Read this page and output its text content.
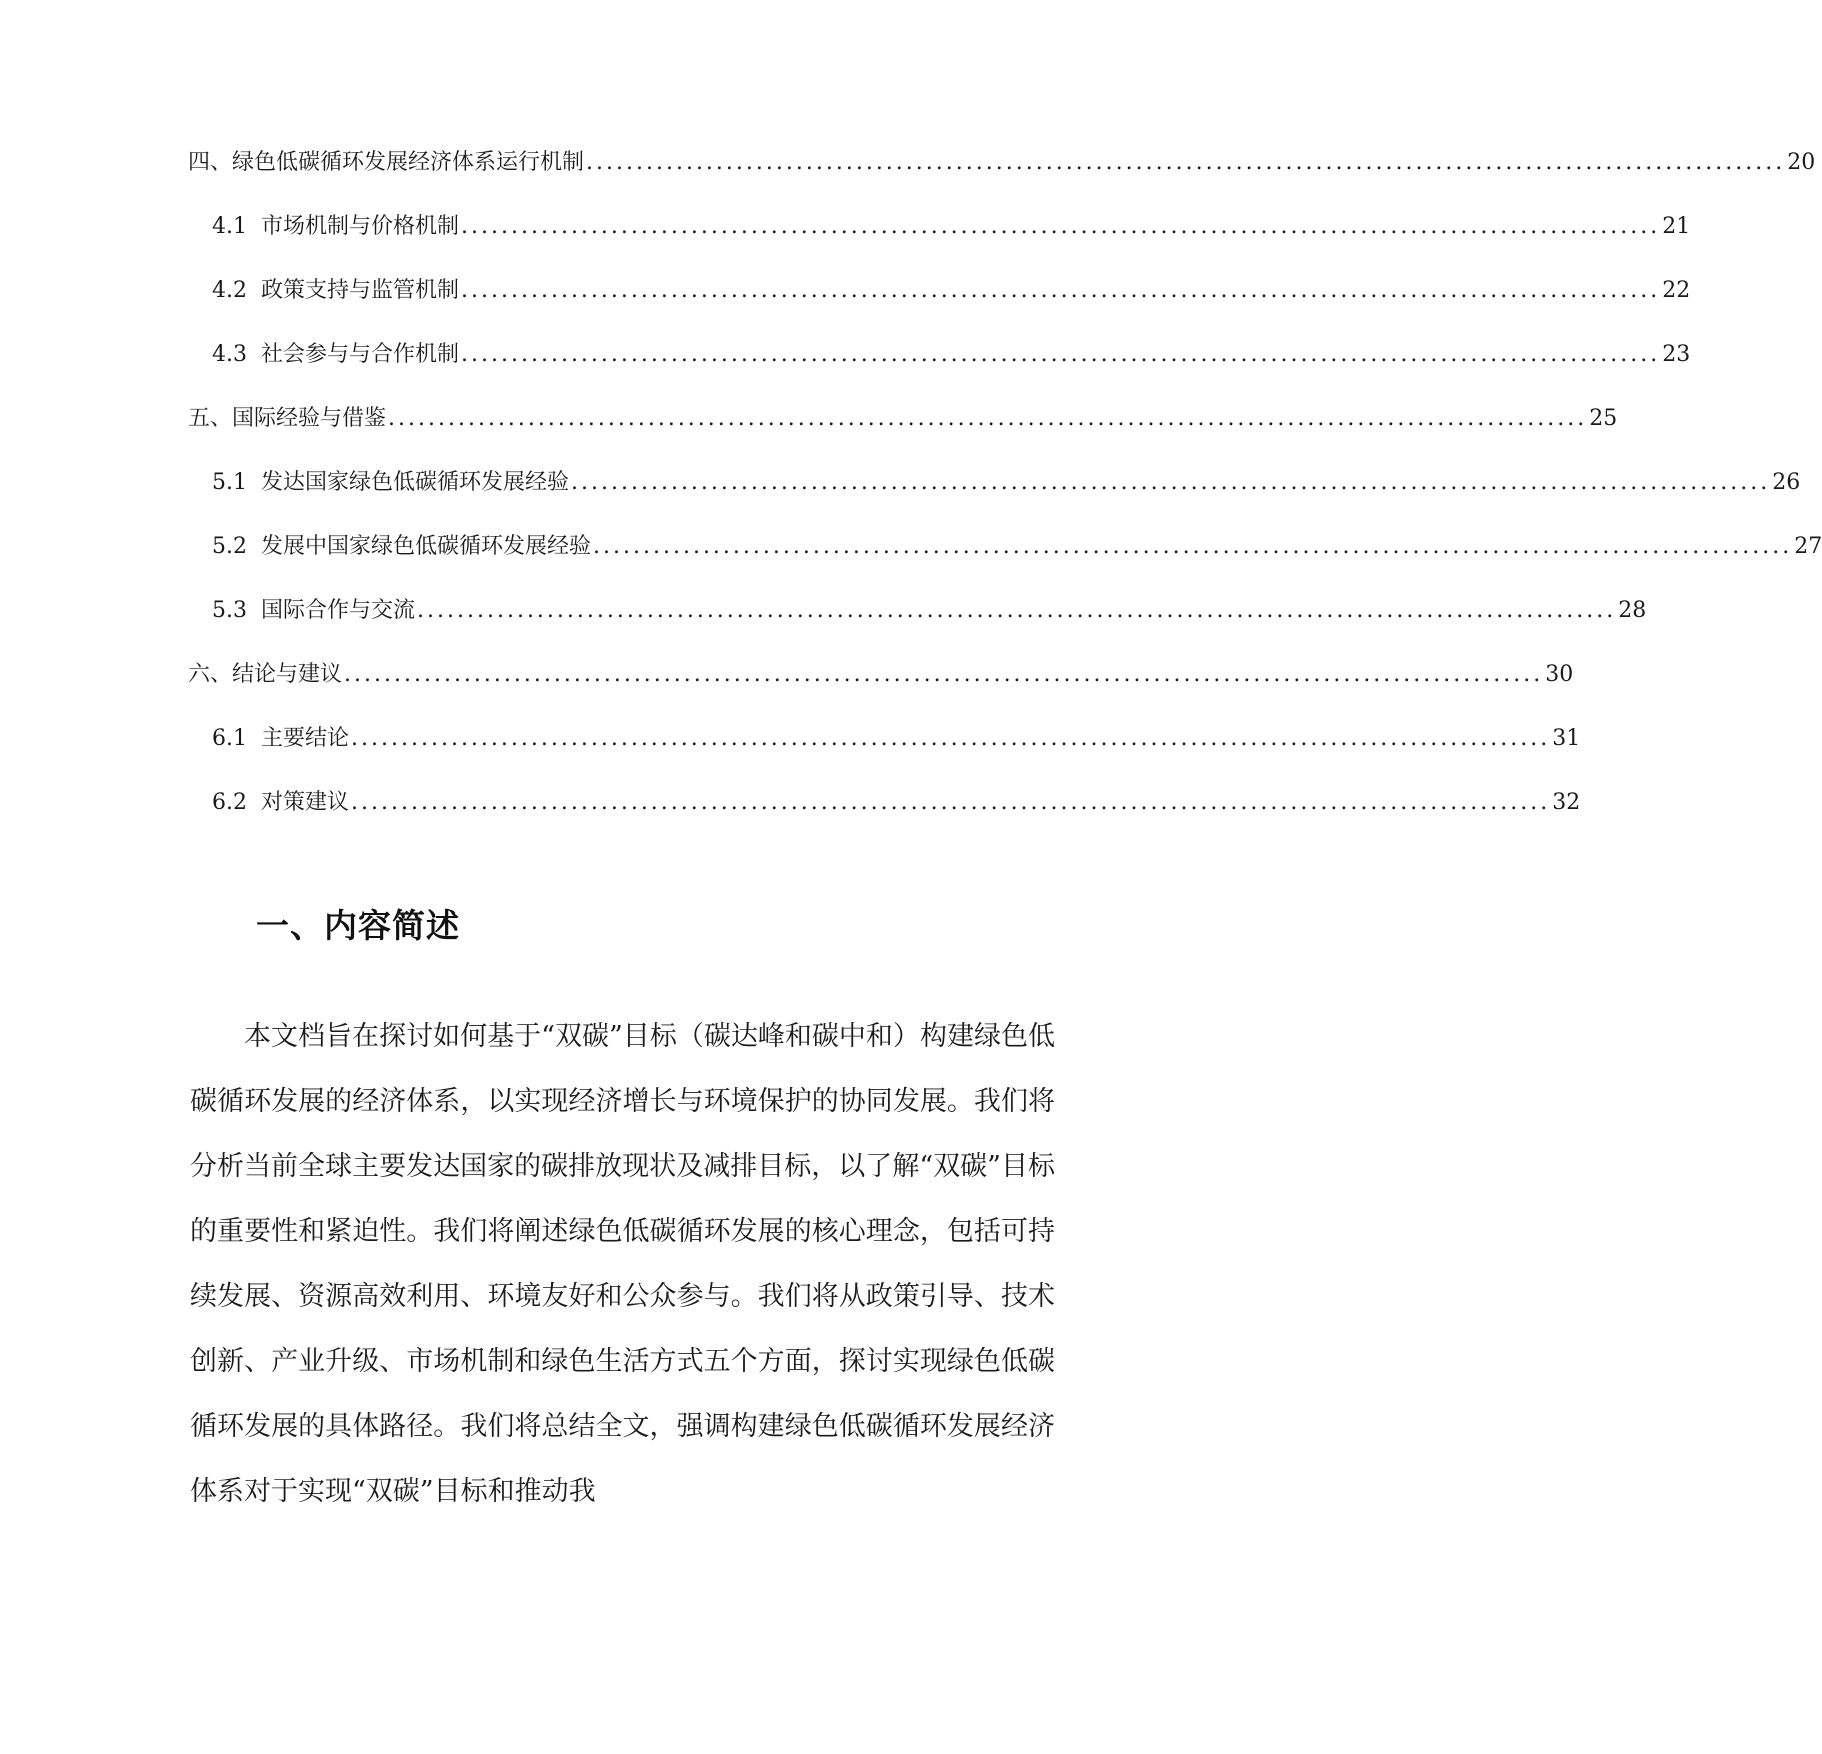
四、绿色低碳循环发展经济体系运行机制 ........................................................................................................................ 20
4.1 市场机制与价格机制 ........................................................................................................................ 21
4.2 政策支持与监管机制 ........................................................................................................................ 22
4.3 社会参与与合作机制 ........................................................................................................................ 23
五、国际经验与借鉴 ........................................................................................................................ 25
5.1 发达国家绿色低碳循环发展经验 ........................................................................................................................ 26
5.2 发展中国家绿色低碳循环发展经验 ........................................................................................................................ 27
5.3 国际合作与交流 ........................................................................................................................ 28
六、结论与建议 ........................................................................................................................ 30
6.1 主要结论 ........................................................................................................................ 31
6.2 对策建议 ........................................................................................................................ 32
一、内容简述

本文档旨在探讨如何基于“双碳”目标（碳达峰和碳中和）构建绿色低碳循环发展的经济体系，以实现经济增长与环境保护的协同发展。我们将分析当前全球主要发达国家的碳排放现状及减排目标，以了解“双碳”目标的重要性和紧迫性。我们将阐述绿色低碳循环发展的核心理念，包括可持续发展、资源高效利用、环境友好和公众参与。我们将从政策引导、技术创新、产业升级、市场机制和绿色生活方式五个方面，探讨实现绿色低碳循环发展的具体路径。我们将总结全文，强调构建绿色低碳循环发展经济体系对于实现“双碳”目标和推动我
